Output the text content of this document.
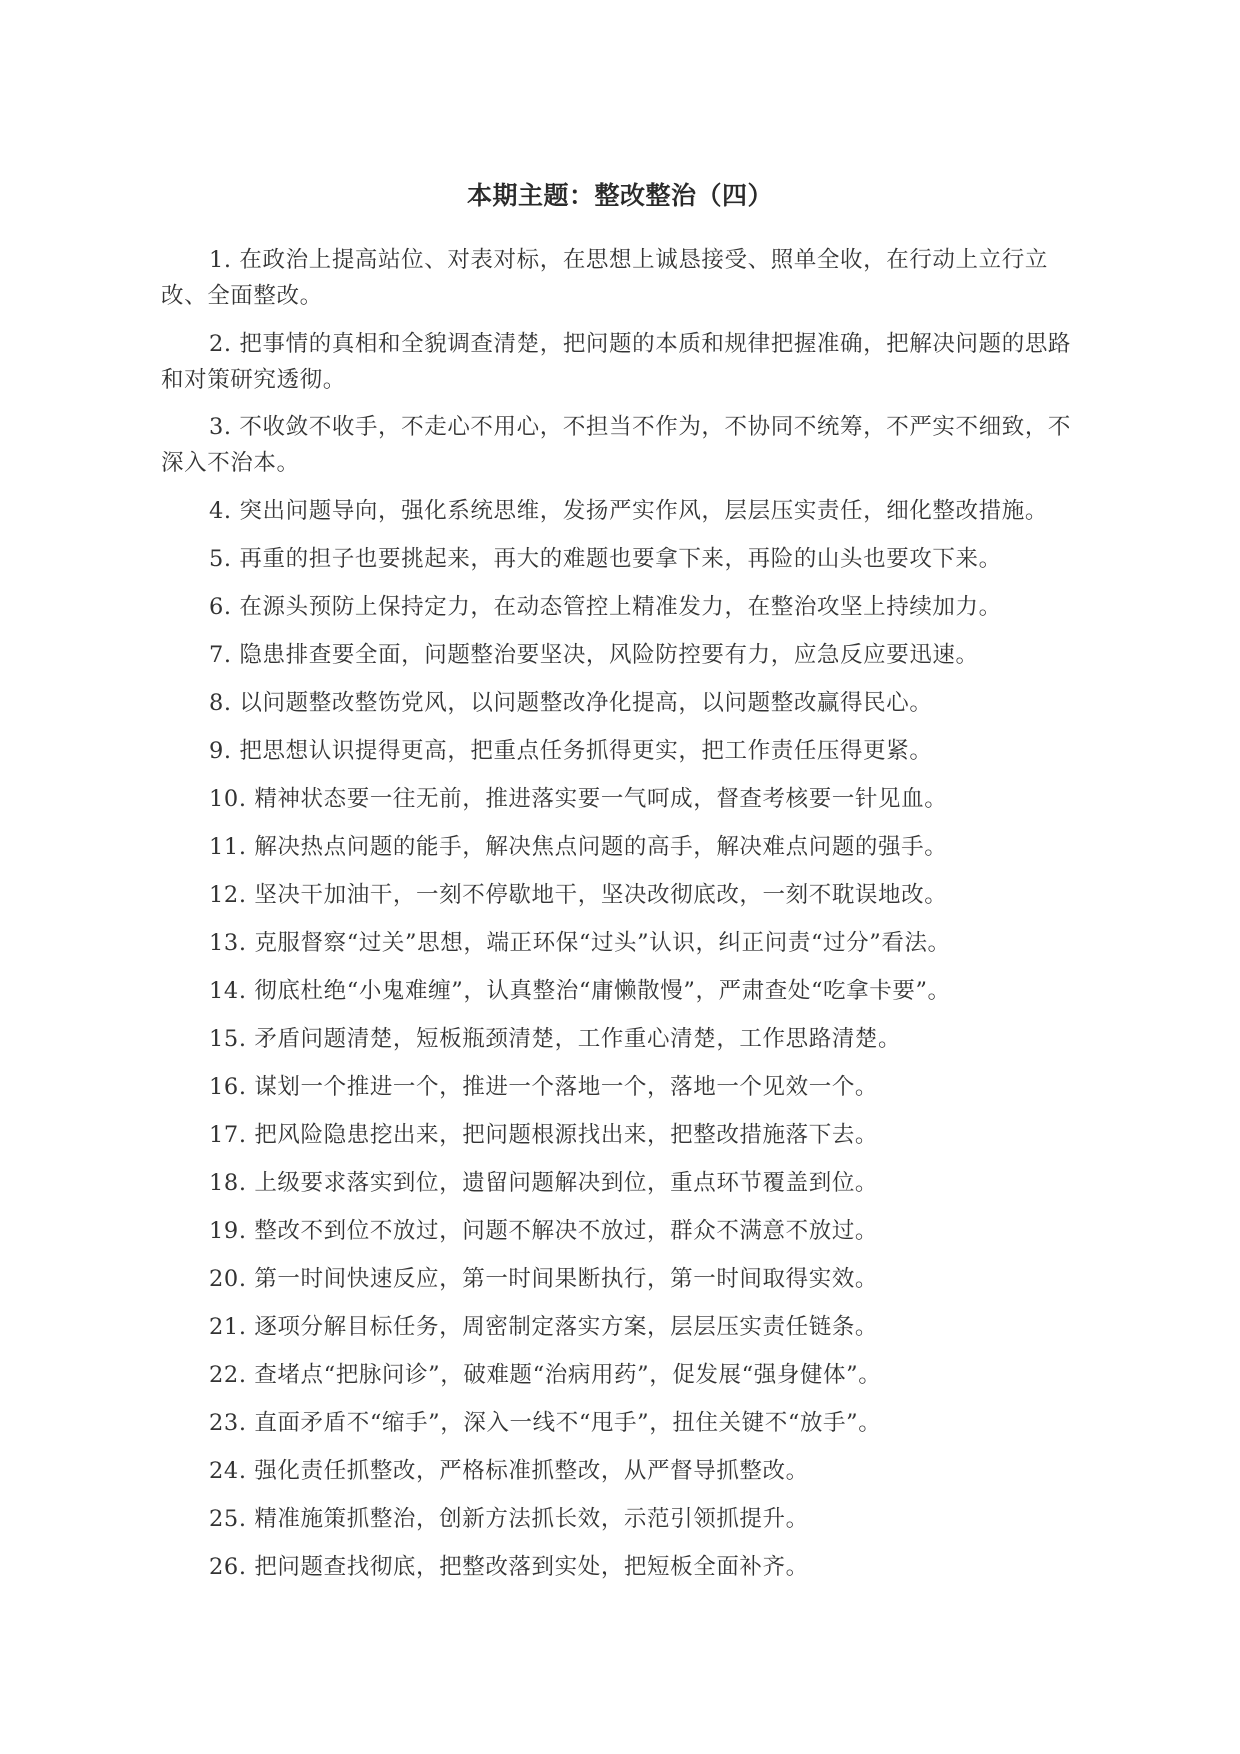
本期主题：整改整治（四）

1. 在政治上提高站位、对表对标，在思想上诚恳接受、照单全收，在行动上立行立改、全面整改。

2. 把事情的真相和全貌调查清楚，把问题的本质和规律把握准确，把解决问题的思路和对策研究透彻。

3. 不收敛不收手，不走心不用心，不担当不作为，不协同不统筹，不严实不细致，不深入不治本。

4. 突出问题导向，强化系统思维，发扬严实作风，层层压实责任，细化整改措施。

5. 再重的担子也要挑起来，再大的难题也要拿下来，再险的山头也要攻下来。

6. 在源头预防上保持定力，在动态管控上精准发力，在整治攻坚上持续加力。

7. 隐患排查要全面，问题整治要坚决，风险防控要有力，应急反应要迅速。

8. 以问题整改整饬党风，以问题整改净化提高，以问题整改赢得民心。

9. 把思想认识提得更高，把重点任务抓得更实，把工作责任压得更紧。

10. 精神状态要一往无前，推进落实要一气呵成，督查考核要一针见血。

11. 解决热点问题的能手，解决焦点问题的高手，解决难点问题的强手。

12. 坚决干加油干，一刻不停歇地干，坚决改彻底改，一刻不耽误地改。

13. 克服督察“过关”思想，端正环保“过头”认识，纠正问责“过分”看法。

14. 彻底杜绝“小鬼难缠”，认真整治“庸懒散慢”，严肃查处“吃拿卡要”。

15. 矛盾问题清楚，短板瓶颈清楚，工作重心清楚，工作思路清楚。

16. 谋划一个推进一个，推进一个落地一个，落地一个见效一个。

17. 把风险隐患挖出来，把问题根源找出来，把整改措施落下去。

18. 上级要求落实到位，遗留问题解决到位，重点环节覆盖到位。

19. 整改不到位不放过，问题不解决不放过，群众不满意不放过。

20. 第一时间快速反应，第一时间果断执行，第一时间取得实效。

21. 逐项分解目标任务，周密制定落实方案，层层压实责任链条。

22. 查堵点“把脉问诊”，破难题“治病用药”，促发展“强身健体”。

23. 直面矛盾不“缩手”，深入一线不“甩手”，扭住关键不“放手”。

24. 强化责任抓整改，严格标准抓整改，从严督导抓整改。

25. 精准施策抓整治，创新方法抓长效，示范引领抓提升。

26. 把问题查找彻底，把整改落到实处，把短板全面补齐。
